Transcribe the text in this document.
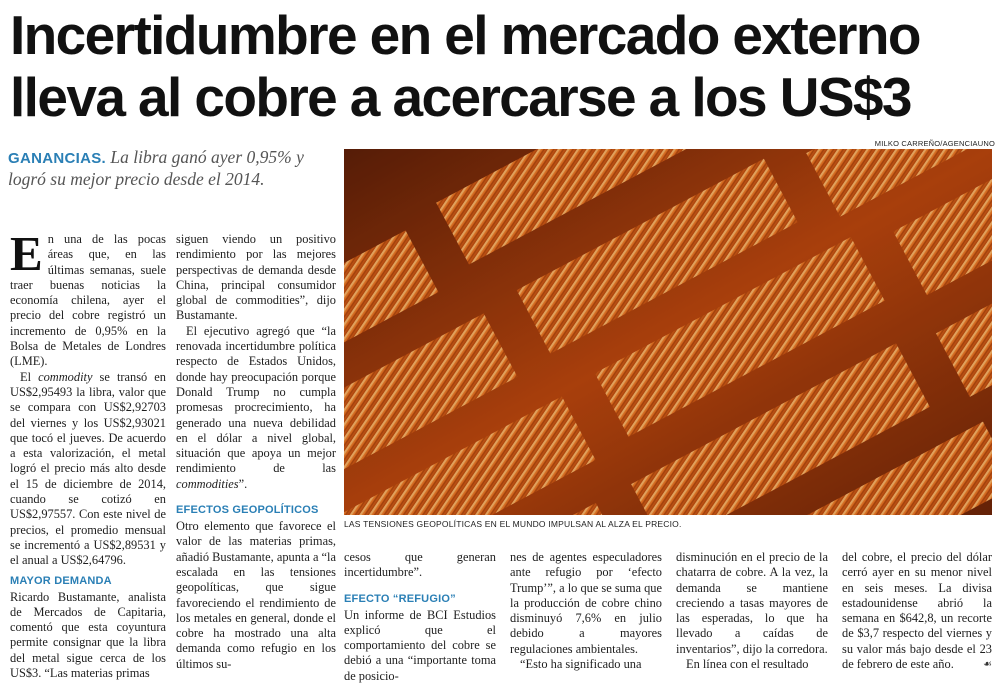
Incertidumbre en el mercado externo
lleva al cobre a acercarse a los US$3
MILKO CARREÑO/AGENCIAUNO
GANANCIAS. La libra ganó ayer 0,95% y logró su mejor precio desde el 2014.
LAS TENSIONES GEOPOLÍTICAS EN EL MUNDO IMPULSAN AL ALZA EL PRECIO.

En una de las pocas áreas que, en las últimas semanas, suele traer buenas noticias la economía chilena, ayer el precio del cobre registró un incremento de 0,95% en la Bolsa de Metales de Londres (LME).

El commodity se transó en US$2,95493 la libra, valor que se compara con US$2,92703 del viernes y los US$2,93021 que tocó el jueves. De acuerdo a esta valorización, el metal logró el precio más alto desde el 15 de diciembre de 2014, cuando se cotizó en US$2,97557. Con este nivel de precios, el promedio mensual se incrementó a US$2,89531 y el anual a US$2,64796.

MAYOR DEMANDA

Ricardo Bustamante, analista de Mercados de Capitaria, comentó que esta coyuntura permite consignar que la libra del metal sigue cerca de los US$3. “Las materias primas

siguen viendo un positivo rendimiento por las mejores perspectivas de demanda desde China, principal consumidor global de commodities”, dijo Bustamante.

El ejecutivo agregó que “la renovada incertidumbre política respecto de Estados Unidos, donde hay preocupación porque Donald Trump no cumpla promesas procrecimiento, ha generado una nueva debilidad en el dólar a nivel global, situación que apoya un mejor rendimiento de las commodities”.

EFECTOS GEOPOLÍTICOS

Otro elemento que favorece el valor de las materias primas, añadió Bustamante, apunta a “la escalada en las tensiones geopolíticas, que sigue favoreciendo el rendimiento de los metales en general, donde el cobre ha mostrado una alta demanda como refugio en los últimos su-

cesos que generan incertidumbre”.

EFECTO “REFUGIO”

Un informe de BCI Estudios explicó que el comportamiento del cobre se debió a una “importante toma de posicio-

nes de agentes especuladores ante refugio por ‘efecto Trump’”, a lo que se suma que la producción de cobre chino disminuyó 7,6% en julio debido a mayores regulaciones ambientales.

“Esto ha significado una

disminución en el precio de la chatarra de cobre. A la vez, la demanda se mantiene creciendo a tasas mayores de las esperadas, lo que ha llevado a caídas de inventarios”, dijo la corredora.

En línea con el resultado

del cobre, el precio del dólar cerró ayer en su menor nivel en seis meses. La divisa estadounidense abrió la semana en $642,8, un recorte de $3,7 respecto del viernes y su valor más bajo desde el 23 de febrero de este año.	☙
